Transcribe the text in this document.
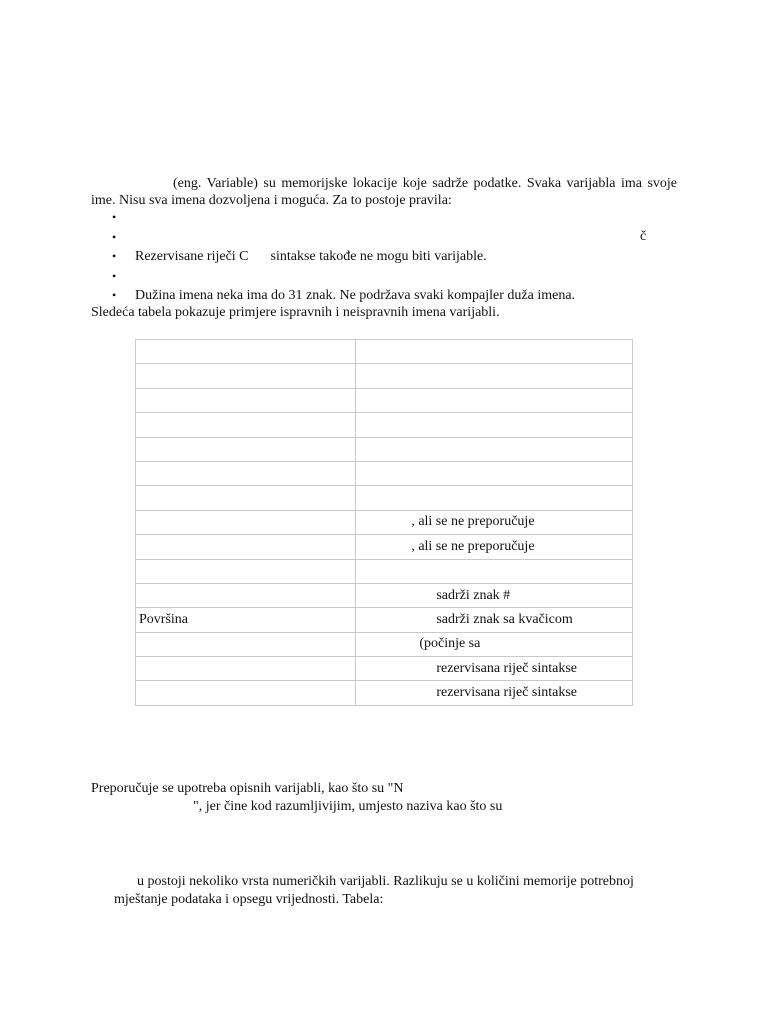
(eng. Variable) su memorijske lokacije koje sadrže podatke. Svaka varijabla ima svoje ime. Nisu sva imena dozvoljena i moguća. Za to postoje pravila:
•
•
• Rezervisane riječi C sintakse takođe ne mogu biti varijable.
•
• Dužina imena neka ima do 31 znak. Ne podržava svaki kompajler duža imena.
č
Sledeća tabela pokazuje primjere ispravnih i neispravnih imena varijabli.

	, ali se ne preporučuje
	, ali se ne preporučuje

	sadrži znak #
Površina	sadrži znak sa kvačicom
	(počinje sa
	rezervisana riječ sintakse
	rezervisana riječ sintakse
Preporučuje se upotreba opisnih varijabli, kao što su "N
", jer čine kod razumljivijim, umjesto naziva kao što su
u postoji nekoliko vrsta numeričkih varijabli. Razlikuju se u količini memorije potrebnoj
mještanje podataka i opsegu vrijednosti. Tabela:
